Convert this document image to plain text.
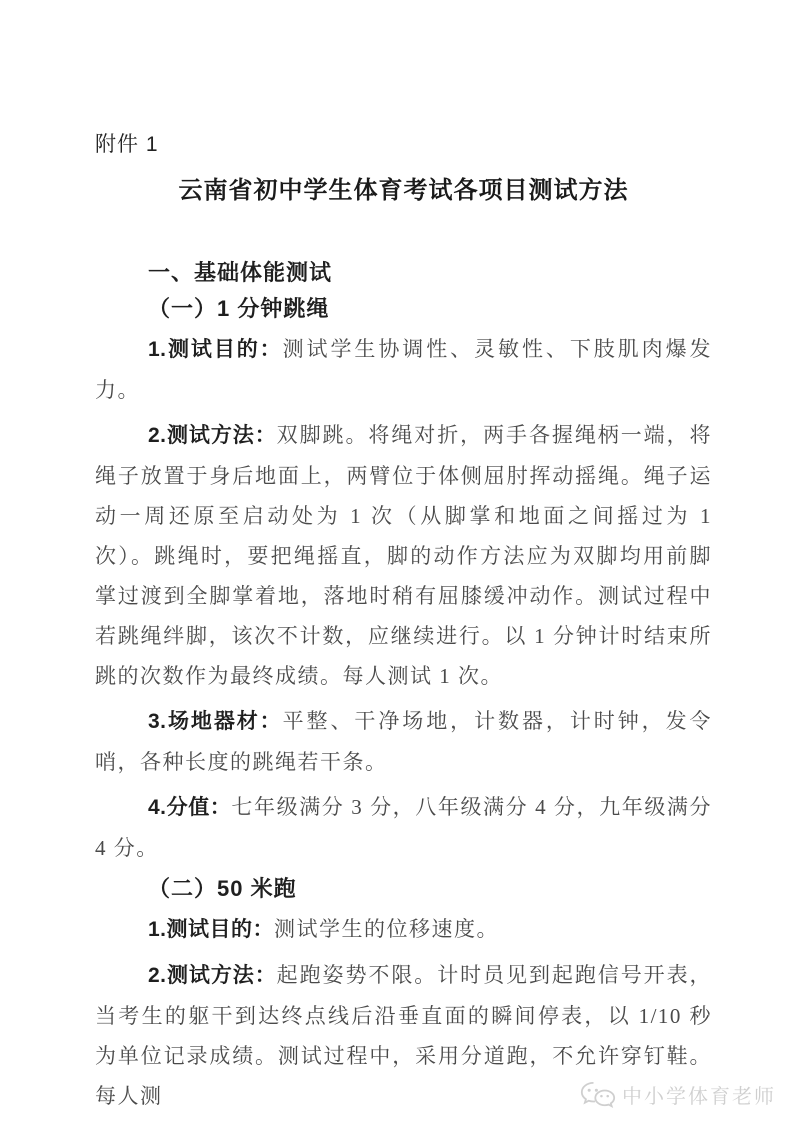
附件 1
云南省初中学生体育考试各项目测试方法
一、基础体能测试
（一）1 分钟跳绳

1.测试目的：测试学生协调性、灵敏性、下肢肌肉爆发力。

2.测试方法：双脚跳。将绳对折，两手各握绳柄一端，将绳子放置于身后地面上，两臂位于体侧屈肘挥动摇绳。绳子运动一周还原至启动处为 1 次（从脚掌和地面之间摇过为 1 次）。跳绳时，要把绳摇直，脚的动作方法应为双脚均用前脚掌过渡到全脚掌着地，落地时稍有屈膝缓冲动作。测试过程中若跳绳绊脚，该次不计数，应继续进行。以 1 分钟计时结束所跳的次数作为最终成绩。每人测试 1 次。

3.场地器材：平整、干净场地，计数器，计时钟，发令哨，各种长度的跳绳若干条。

4.分值：七年级满分 3 分，八年级满分 4 分，九年级满分 4 分。

（二）50 米跑

1.测试目的：测试学生的位移速度。

2.测试方法：起跑姿势不限。计时员见到起跑信号开表，当考生的躯干到达终点线后沿垂直面的瞬间停表，以 1/10 秒为单位记录成绩。测试过程中，采用分道跑，不允许穿钉鞋。每人测	中小学体育老师
